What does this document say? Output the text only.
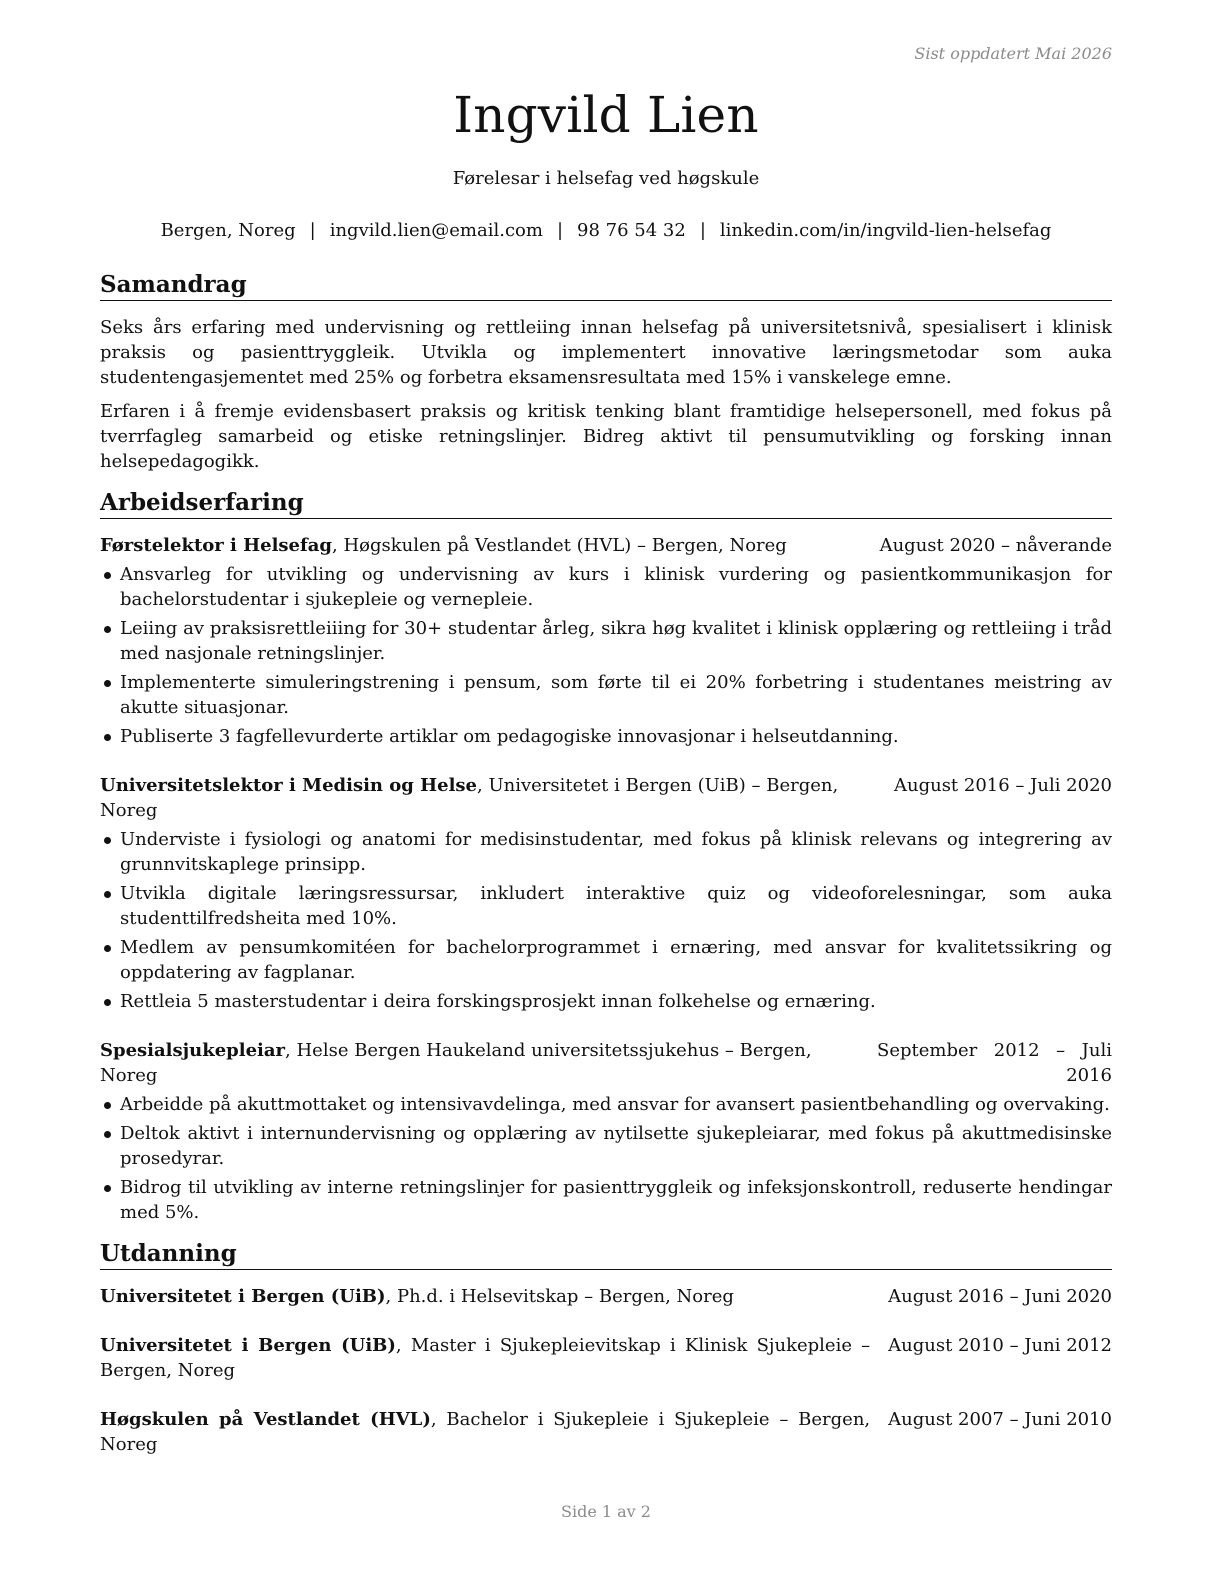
Sist oppdatert Mai 2026
Ingvild Lien
Førelesar i helsefag ved høgskule
Bergen, Noreg | ingvild.lien@email.com | 98 76 54 32 | linkedin.com/in/ingvild-lien-helsefag
Samandrag

Seks års erfaring med undervisning og rettleiing innan helsefag på universitetsnivå, spesialisert i klinisk praksis og pasienttryggleik. Utvikla og implementert innovative læringsmetodar som auka studentengasjementet med 25% og forbetra eksamensresultata med 15% i vanskelege emne.

Erfaren i å fremje evidensbasert praksis og kritisk tenking blant framtidige helsepersonell, med fokus på tverrfagleg samarbeid og etiske retningslinjer. Bidreg aktivt til pensumutvikling og forsking innan helsepedagogikk.

Arbeidserfaring
Førstelektor i Helsefag, Høgskulen på Vestlandet (HVL) – Bergen, Noreg	August 2020 – nåverande
Ansvarleg for utvikling og undervisning av kurs i klinisk vurdering og pasientkommunikasjon for bachelorstudentar i sjukepleie og vernepleie.
Leiing av praksisrettleiiing for 30+ studentar årleg, sikra høg kvalitet i klinisk opplæring og rettleiing i tråd med nasjonale retningslinjer.
Implementerte simuleringstrening i pensum, som førte til ei 20% forbetring i studentanes meistring av akutte situasjonar.
Publiserte 3 fagfellevurderte artiklar om pedagogiske innovasjonar i helseutdanning.
Universitetslektor i Medisin og Helse, Universitetet i Bergen (UiB) – Bergen, Noreg
August 2016 – Juli 2020
Underviste i fysiologi og anatomi for medisinstudentar, med fokus på klinisk relevans og integrering av grunnvitskaplege prinsipp.
Utvikla digitale læringsressursar, inkludert interaktive quiz og videoforelesningar, som auka studenttilfredsheita med 10%.
Medlem av pensumkomitéen for bachelorprogrammet i ernæring, med ansvar for kvalitetssikring og oppdatering av fagplanar.
Rettleia 5 masterstudentar i deira forskingsprosjekt innan folkehelse og ernæring.
Spesialsjukepleiar, Helse Bergen Haukeland universitetssjukehus – Bergen, Noreg
September 2012 – Juli 2016
Arbeidde på akuttmottaket og intensivavdelinga, med ansvar for avansert pasientbehandling og overvaking.
Deltok aktivt i internundervisning og opplæring av nytilsette sjukepleiarar, med fokus på akuttmedisinske prosedyrar.
Bidrog til utvikling av interne retningslinjer for pasienttryggleik og infeksjonskontroll, reduserte hendingar med 5%.
Utdanning
Universitetet i Bergen (UiB), Ph.d. i Helsevitskap – Bergen, Noreg	August 2016 – Juni 2020
Universitetet i Bergen (UiB), Master i Sjukepleievitskap i Klinisk Sjukepleie – Bergen, Noreg
August 2010 – Juni 2012
Høgskulen på Vestlandet (HVL), Bachelor i Sjukepleie i Sjukepleie – Bergen, Noreg
August 2007 – Juni 2010
Side 1 av 2
